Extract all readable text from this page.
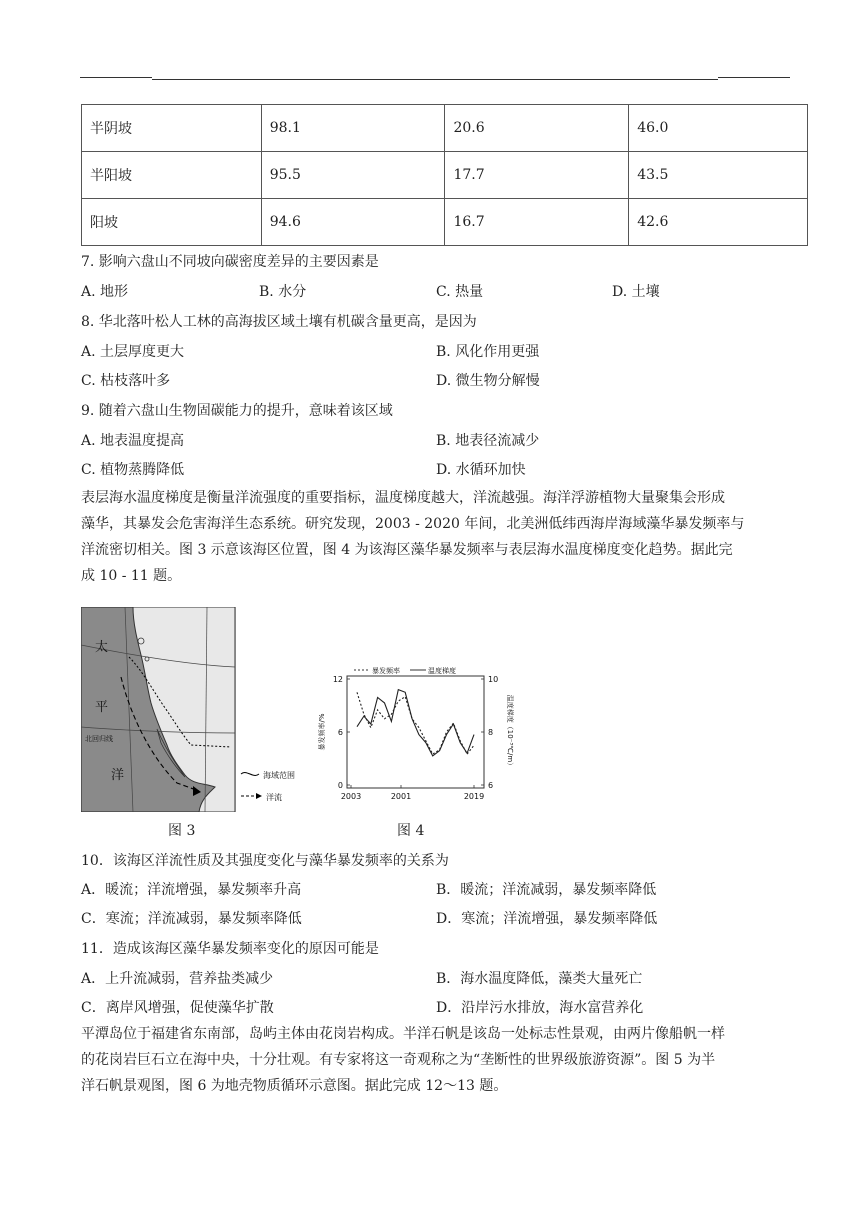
半阴坡	98.1	20.6	46.0
半阳坡	95.5	17.7	43.5
阳坡	94.6	16.7	42.6
7. 影响六盘山不同坡向碳密度差异的主要因素是
A. 地形	B. 水分	C. 热量	D. 土壤
8. 华北落叶松人工林的高海拔区域土壤有机碳含量更高，是因为
A. 土层厚度更大	B. 风化作用更强
C. 枯枝落叶多	D. 微生物分解慢
9. 随着六盘山生物固碳能力的提升，意味着该区域
A. 地表温度提高	B. 地表径流减少
C. 植物蒸腾降低	D. 水循环加快
表层海水温度梯度是衡量洋流强度的重要指标，温度梯度越大，洋流越强。海洋浮游植物大量聚集会形成
藻华，其暴发会危害海洋生态系统。研究发现，2003 - 2020 年间，北美洲低纬西海岸海域藻华暴发频率与
洋流密切相关。图 3 示意该海区位置，图 4 为该海区藻华暴发频率与表层海水温度梯度变化趋势。据此完
成 10 - 11 题。
太
平
洋
北回归线
海域范围
洋流
图 3
12
6
0
10
8
6
2003	2001	2019
暴发频率	温度梯度
暴发频率/%	温度梯度（10⁻³℃/m）
图 4
10．该海区洋流性质及其强度变化与藻华暴发频率的关系为
A．暖流；洋流增强，暴发频率升高	B．暖流；洋流减弱，暴发频率降低
C．寒流；洋流减弱，暴发频率降低	D．寒流；洋流增强，暴发频率降低
11．造成该海区藻华暴发频率变化的原因可能是
A．上升流减弱，营养盐类减少	B．海水温度降低，藻类大量死亡
C．离岸风增强，促使藻华扩散	D．沿岸污水排放，海水富营养化
平潭岛位于福建省东南部，岛屿主体由花岗岩构成。半洋石帆是该岛一处标志性景观，由两片像船帆一样
的花岗岩巨石立在海中央，十分壮观。有专家将这一奇观称之为“垄断性的世界级旅游资源”。图 5 为半
洋石帆景观图，图 6 为地壳物质循环示意图。据此完成 12～13 题。
